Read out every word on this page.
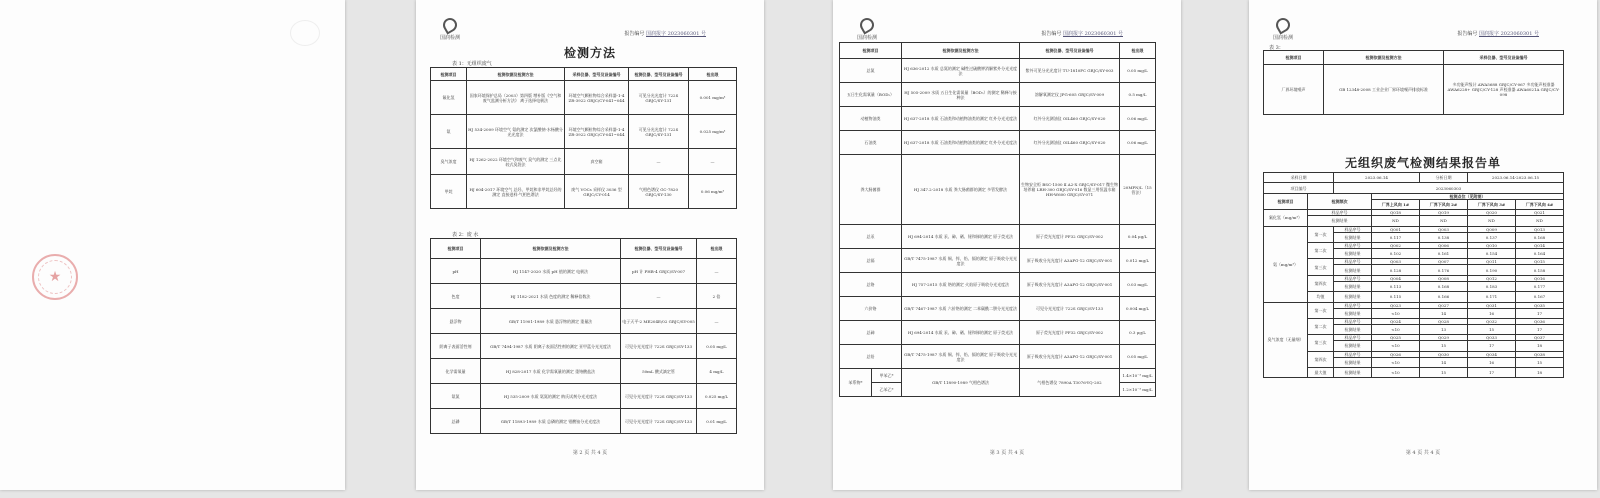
★
国润检测
报告编号 国润报字 2023060301 号
检测方法
表 1：无组织废气
检测项目	检测依据及检测方法	采样仪器、型号及设备编号	检测仪器、型号及设备编号	检出限
氟化氢	国家环境保护总局（2003）第四版 增补版《空气和废气监测分析方法》 离子选择电极法	环境空气颗粒物综合采样器-1-4 ZR-3922 GRJC/CY-041~044	可见分光光度计 722S GRJC/SY-131	0.001 mg/m³
氨	HJ 534-2009 环境空气 氨的测定 次氯酸钠-水杨酸分光光度法	环境空气颗粒物综合采样器-1-4 ZR-3922 GRJC/CY-041~044	可见分光光度计 722S GRJC/SY-131	0.025 mg/m³
臭气浓度	HJ 1262-2022 环境空气和废气 臭气的测定 三点比较式臭袋法	真空箱	—	—
甲烷	HJ 604-2017 环境空气 总烃、甲烷和非甲烷总烃的测定 直接进样-气相色谱法	废气 VOCs 采样仪 3036 型 GRJC/CY-014	气相色谱仪 GC-7820 GRJC/SY-130	0.06 mg/m³
表 2：废 水
检测项目	检测依据及检测方法	检测仪器、型号及设备编号	检出限
pH	HJ 1147-2020 水质 pH 值的测定 电极法	pH 计 PHB-4 GRJC/SY-007	—
色度	HJ 1182-2021 水质 色度的测定 稀释倍数法	—	2 倍
悬浮物	GB/T 11901-1989 水质 悬浮物的测定 重量法	电子天平-2 ME204E/02 GRJC/SY-005	—
阴离子表面活性剂	GB/T 7494-1987 水质 阴离子表面活性剂的测定 亚甲蓝分光光度法	可见分光光度计 722S GRJC/SY-133	0.05 mg/L
化学需氧量	HJ 828-2017 水质 化学需氧量的测定 重铬酸盐法	50mL 酸式滴定管	4 mg/L
氨氮	HJ 535-2009 水质 氨氮的测定 纳氏试剂分光光度法	可见分光光度计 722S GRJC/SY-133	0.025 mg/L
总磷	GB/T 11893-1989 水质 总磷的测定 钼酸铵分光光度法	可见分光光度计 722S GRJC/SY-133	0.01 mg/L
第 2 页 共 4 页
国润检测
报告编号 国润报字 2023060301 号
检测项目		检测依据及检测方法	检测仪器、型号及设备编号	检出限
总氮		HJ 636-2012 水质 总氮的测定 碱性过硫酸钾消解紫外分光光度法	紫外可见分光光度计 TU-1810PC GRJC/SY-003	0.05 mg/L
五日生化需氧量（BOD₅）		HJ 505-2009 水质 五日生化需氧量（BOD₅）的测定 稀释与接种法	溶解氧测定仪 JPG-605 GRJC/SY-009	0.5 mg/L
动植物油类		HJ 637-2018 水质 石油类和动植物油类的测定 红外分光光度法	红外分光测油仪 OIL460 GRJC/SY-020	0.06 mg/L
石油类		HJ 637-2018 水质 石油类和动植物油类的测定 红外分光光度法	红外分光测油仪 OIL460 GRJC/SY-020	0.06 mg/L
粪大肠菌群		HJ 347.2-2018 水质 粪大肠菌群的测定 多管发酵法	生物安全柜 BSC-1500 Ⅱ A2-X GRJC/SY-017 微生物培养箱 LRH-300 GRJC/SY-016 数显三用恒温水箱 HH-W600 GRJC/SY-071	20MPN/L（15 管法）
总汞		HJ 694-2014 水质 汞、砷、硒、铋和锑的测定 原子荧光法	原子荧光光度计 PF32 GRJC/SY-002	0.04 μg/L
总镉		GB/T 7475-1987 水质 铜、锌、铅、镉的测定 原子吸收分光光度法	原子吸收分光光度计 A3AFG-12 GRJC/SY-001	0.012 mg/L
总铬		HJ 757-2015 水质 铬的测定 火焰原子吸收分光光度法	原子吸收分光光度计 A3AFG-12 GRJC/SY-001	0.03 mg/L
六价铬		GB/T 7467-1987 水质 六价铬的测定 二苯碳酰二肼分光光度法	可见分光光度计 722S GRJC/SY-133	0.004 mg/L
总砷		HJ 694-2014 水质 汞、砷、硒、铋和锑的测定 原子荧光法	原子荧光光度计 PF32 GRJC/SY-002	0.3 μg/L
总铅		GB/T 7475-1987 水质 铜、锌、铅、镉的测定 原子吸收分光光度法	原子吸收分光光度计 A3AFG-12 GRJC/SY-001	0.05 mg/L
苯系物*	甲苯乙*	GB/T 11890-1989 气相色谱法	气相色谱仪 7890A T3076-YQ-202	1.4×10⁻³ mg/L
	乙苯乙*			1.2×10⁻³ mg/L
第 3 页 共 4 页
国润检测
报告编号 国润报字 2023060301 号
表 3：
检测项目	检测依据及检测方法	采样仪器、型号及设备编号
厂界环境噪声	GB 12348-2008 工业企业厂界环境噪声排放标准	多功能声级计 AWA5688 GRJC/CY-067 多功能声校准器 AWA6228+ GRJC/CY-128 声校准器 AWA6021A GRJC/CY-098
无组织废气检测结果报告单
采样日期		2023.06.14		分析日期	2023.06.14-2023.06.15	
项目编号		2023060303				
检测项目	检测频次		检测点位（见附图）			
			厂界上风向 1#	厂界下风向 2#	厂界下风向 3#	厂界下风向 4#
氟化氢（mg/m³）	样品序号		Q018	Q019	Q020	Q021
	检测结果		ND	ND	ND	ND
氨（mg/m³）	第一次	样品序号	Q001	Q003	Q009	Q013
		检测结果	0.117	0.138	0.137	0.168
	第二次	样品序号	Q002	Q006	Q010	Q014
		检测结果	0.102	0.161	0.154	0.164
	第三次	样品序号	Q003	Q007	Q011	Q015
		检测结果	0.128	0.176	0.190	0.158
	第四次	样品序号	Q004	Q008	Q012	Q016
		检测结果	0.113	0.168	0.183	0.177
	均值	检测结果	0.115	0.166	0.171	0.167
臭气浓度（无量纲）	第一次	样品序号	Q023	Q027	Q031	Q035
		检测结果	<10	14	16	17
	第二次	样品序号	Q024	Q028	Q032	Q036
		检测结果	<10	13	15	17
	第三次	样品序号	Q025	Q029	Q033	Q037
		检测结果	<10	15	17	18
	第四次	样品序号	Q026	Q030	Q034	Q038
		检测结果	<10	14	16	15
	最大值	检测结果	<10	15	17	18
第 4 页 共 4 页
